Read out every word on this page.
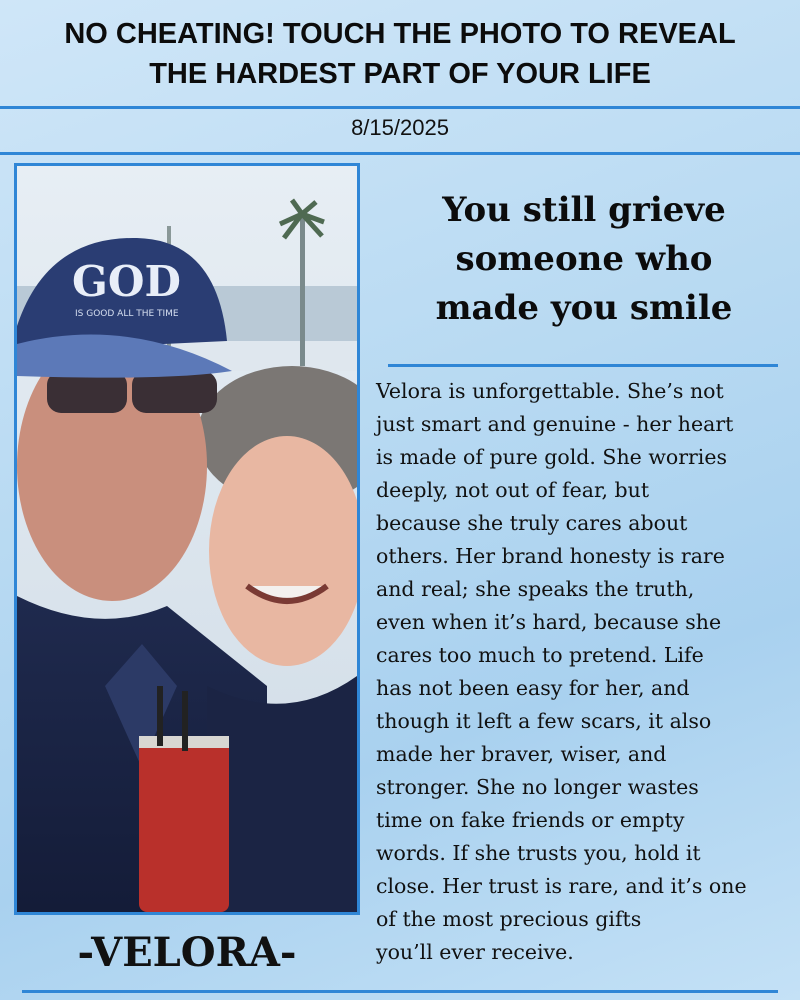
NO CHEATING! TOUCH THE PHOTO TO REVEAL
THE HARDEST PART OF YOUR LIFE
8/15/2025
GOD
IS GOOD ALL THE TIME
You still grieve
someone who
made you smile
Velora is unforgettable. She’s not
just smart and genuine - her heart
is made of pure gold. She worries
deeply, not out of fear, but
because she truly cares about
others. Her brand honesty is rare
and real; she speaks the truth,
even when it’s hard, because she
cares too much to pretend. Life
has not been easy for her, and
though it left a few scars, it also
made her braver, wiser, and
stronger. She no longer wastes
time on fake friends or empty
words. If she trusts you, hold it
close. Her trust is rare, and it’s one
of the most precious gifts
you’ll ever receive.
-VELORA-
